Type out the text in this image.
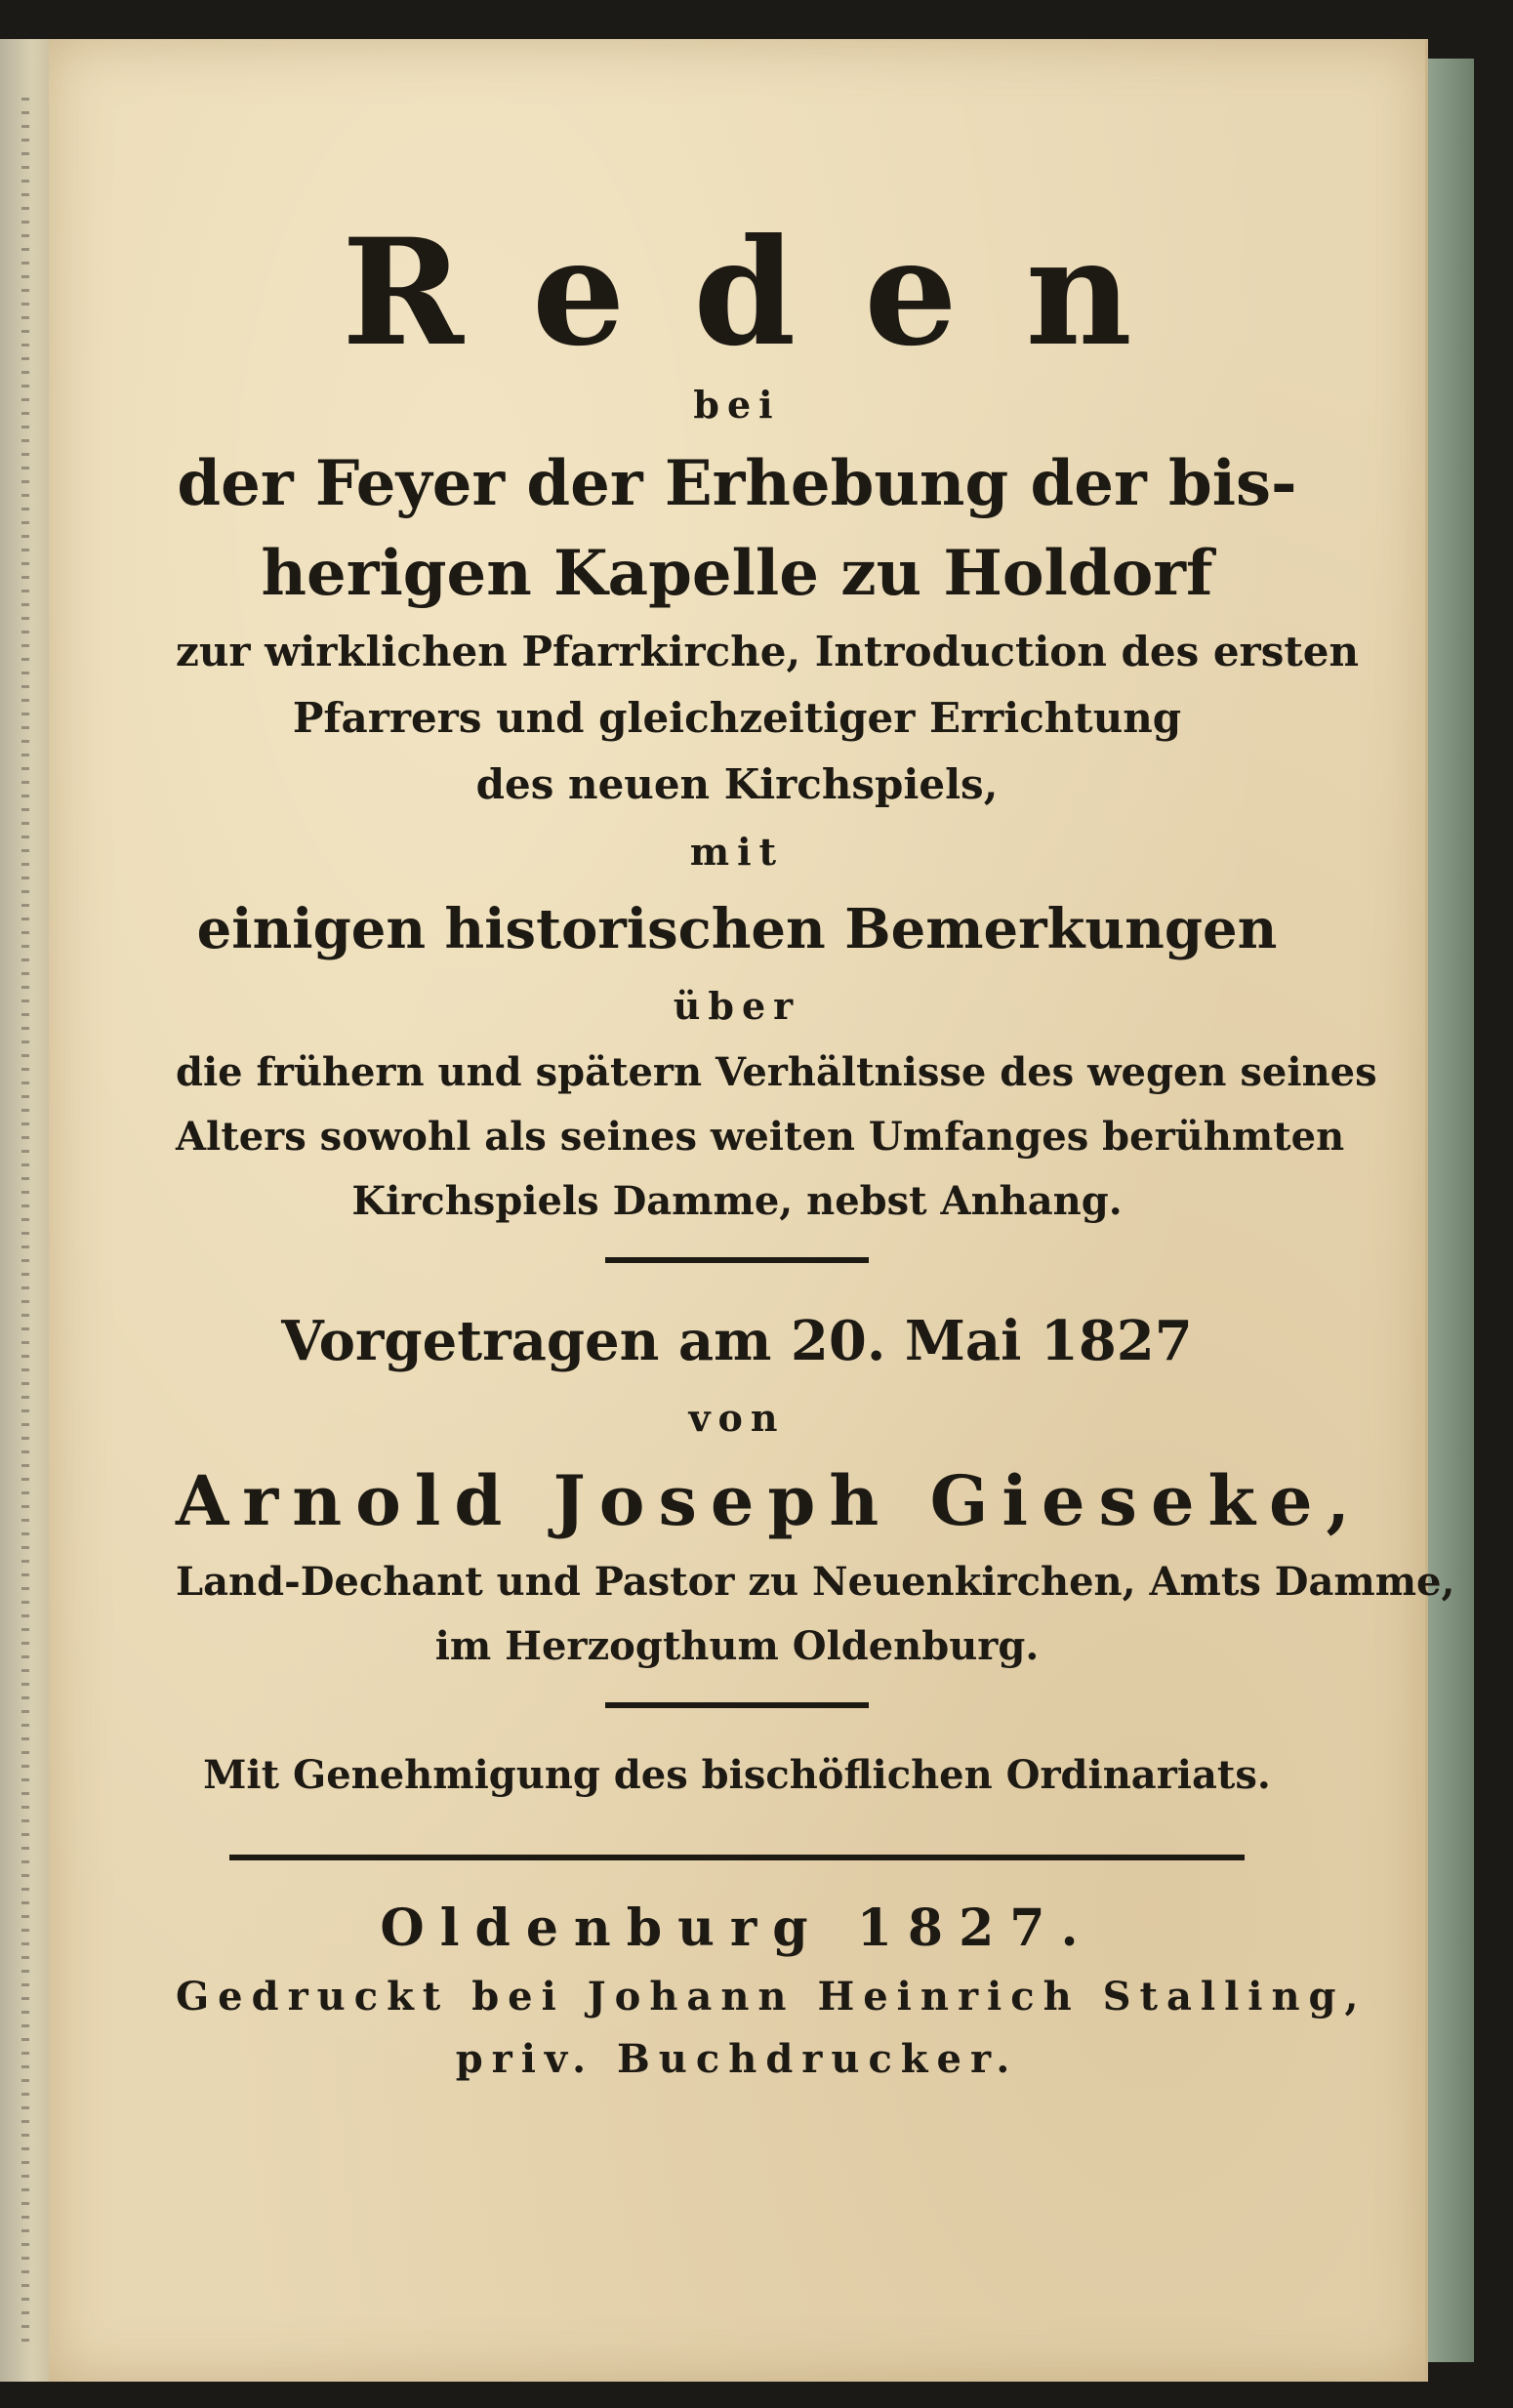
Reden
bei
der Feyer der Erhebung der bis-
herigen Kapelle zu Holdorf
zur wirklichen Pfarrkirche, Introduction des ersten
Pfarrers und gleichzeitiger Errichtung
des neuen Kirchspiels,
mit
einigen historischen Bemerkungen
über
die frühern und spätern Verhältnisse des wegen seines
Alters sowohl als seines weiten Umfanges berühmten
Kirchspiels Damme, nebst Anhang.
Vorgetragen am 20. Mai 1827
von
Arnold Joseph Gieseke,
Land-Dechant und Pastor zu Neuenkirchen, Amts Damme,
im Herzogthum Oldenburg.
Mit Genehmigung des bischöflichen Ordinariats.
Oldenburg 1827.
Gedruckt bei Johann Heinrich Stalling,
priv. Buchdrucker.
